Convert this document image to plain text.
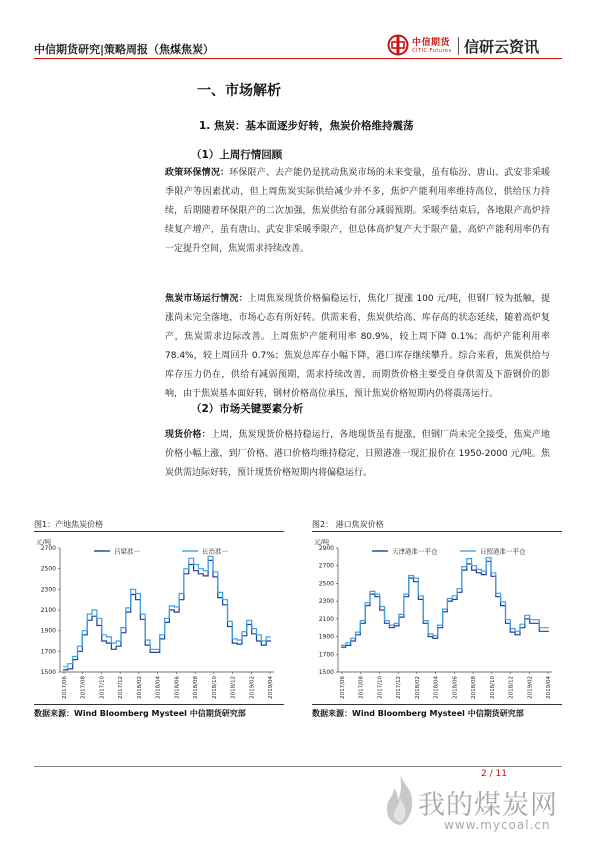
中信期货研究|策略周报（焦煤焦炭）	中信期货
CITIC Futures 信研云资讯
一、市场解析
1. 焦炭：基本面逐步好转，焦炭价格维持震荡
（1）上周行情回顾
政策环保情况：环保限产、去产能仍是扰动焦炭市场的未来变量，虽有临汾、唐山、武安非采暖季限产等因素扰动，但上周焦炭实际供给减少并不多，焦炉产能利用率维持高位，供给压力持续，后期随着环保限产的二次加强，焦炭供给有部分减弱预期。采暖季结束后，各地限产高炉持续复产增产，虽有唐山、武安非采暖季限产，但总体高炉复产大于限产量，高炉产能利用率仍有一定提升空间，焦炭需求持续改善。
焦炭市场运行情况：上周焦炭现货价格偏稳运行，焦化厂提涨 100 元/吨，但钢厂较为抵触，提涨尚未完全落地，市场心态有所好转。供需来看，焦炭供给高、库存高的状态延续，随着高炉复产，焦炭需求边际改善。上周焦炉产能利用率 80.9%，较上周下降 0.1%；高炉产能利用率 78.4%，较上周回升 0.7%；焦炭总库存小幅下降，港口库存继续攀升。综合来看，焦炭供给与库存压力仍在，供给有减弱预期，需求持续改善，而期货价格主要受自身供需及下游钢价的影响，由于焦炭基本面好转，钢材价格高位承压，预计焦炭价格短期内仍将震荡运行。
（2）市场关键要素分析
现货价格：上周，焦炭现货价格持稳运行，各地现货虽有提涨，但钢厂尚未完全接受，焦炭产地价格小幅上涨，到厂价格、港口价格均维持稳定，日照港准一现汇报价在 1950-2000 元/吨。焦炭供需边际好转，预计现货价格短期内将偏稳运行。
图1：产地焦炭价格
元/吨
1500
1700
1900
2100
2300
2500
2700
2017/06 2017/08 2017/10 2017/12 2018/02 2018/04 2018/06 2018/08 2018/10 2018/12 2019/02 2019/04
吕梁准一	长治准一
数据来源：Wind Bloomberg Mysteel 中信期货研究部
图2： 港口焦炭价格
元/吨
1500
1700
1900
2100
2300
2500
2700
2900
2017/06 2017/08 2017/10 2017/12 2018/02 2018/04 2018/06 2018/08 2018/10 2018/12 2019/02 2019/04
天津港准一平仓	日照港准一平仓
数据来源：Wind Bloomberg Mysteel 中信期货研究部
2 / 11
我的煤炭网
www.mycoal.cn
